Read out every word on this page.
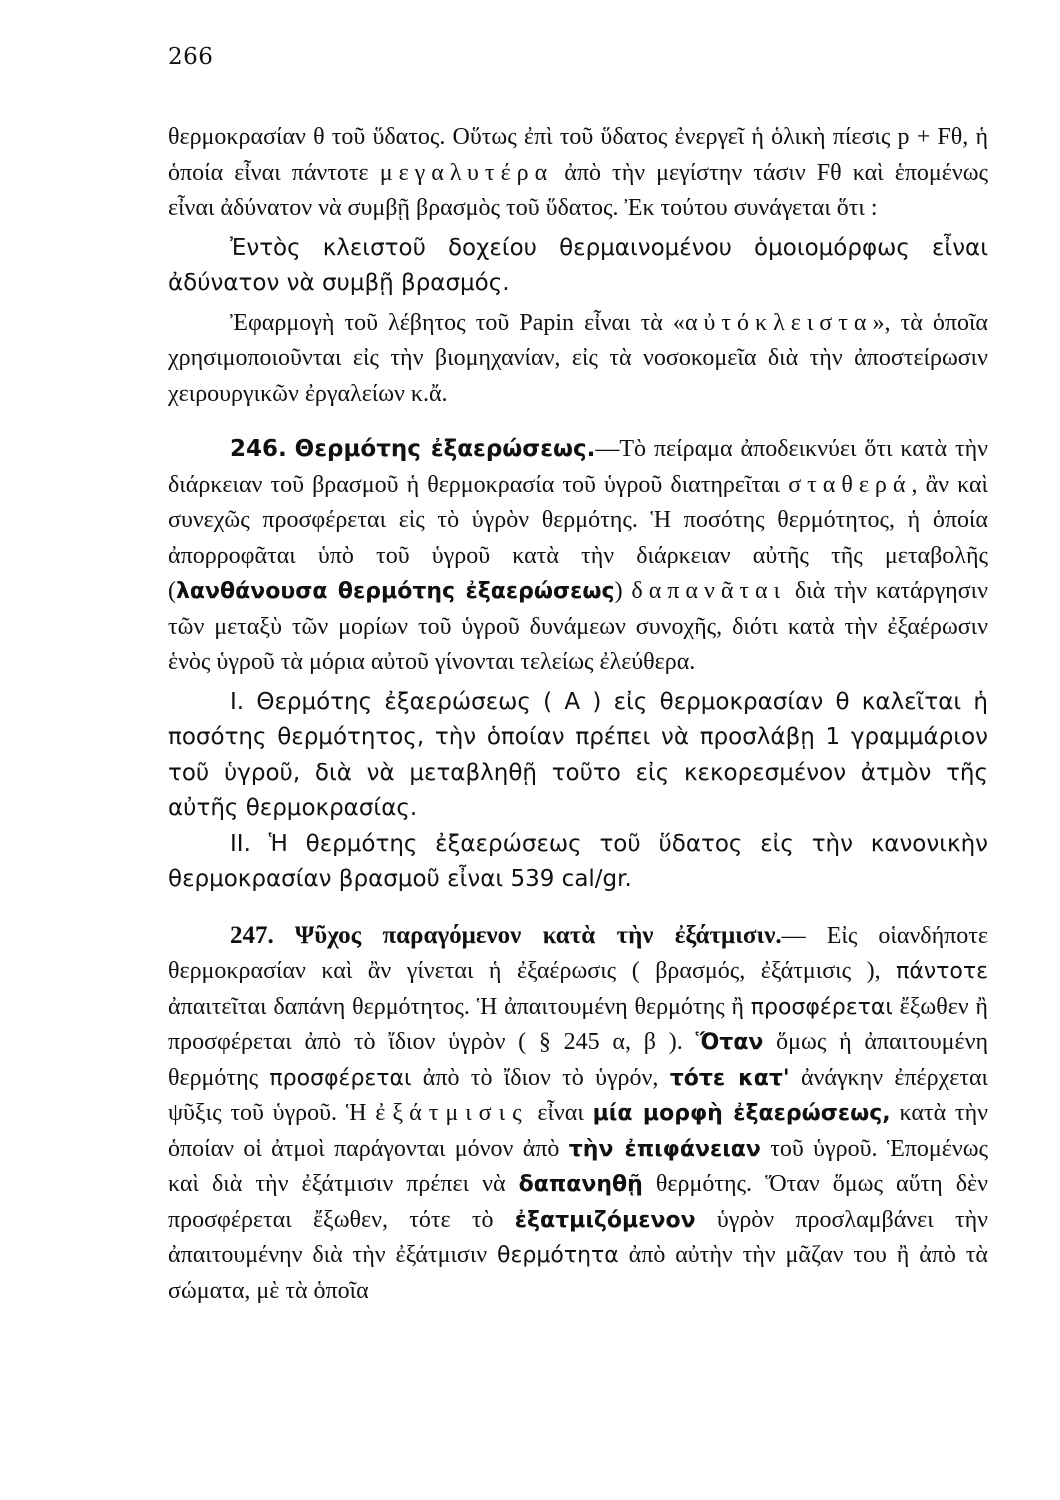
266

θερμοκρασίαν θ τοῦ ὕδατος. Οὕτως ἐπὶ τοῦ ὕδατος ἐνεργεῖ ἡ ὁλικὴ πίεσις p + Fθ, ἡ ὁποία εἶναι πάντοτε μεγαλυτέρα ἀπὸ τὴν μεγίστην τάσιν Fθ καὶ ἑπομένως εἶναι ἀδύνατον νὰ συμβῇ βρασμὸς τοῦ ὕδατος. Ἐκ τούτου συνάγεται ὅτι :

Ἐντὸς κλειστοῦ δοχείου θερμαινομένου ὁμοιομόρφως εἶναι ἀδύνατον νὰ συμβῇ βρασμός.

Ἐφαρμογὴ τοῦ λέβητος τοῦ Papin εἶναι τὰ «αὐτόκλειστα», τὰ ὁποῖα χρησιμοποιοῦνται εἰς τὴν βιομηχανίαν, εἰς τὰ νοσοκομεῖα διὰ τὴν ἀποστείρωσιν χειρουργικῶν ἐργαλείων κ.ἄ.

246. Θερμότης ἐξαερώσεως.—Τὸ πείραμα ἀποδεικνύει ὅτι κατὰ τὴν διάρκειαν τοῦ βρασμοῦ ἡ θερμοκρασία τοῦ ὑγροῦ διατηρεῖται σταθερά, ἂν καὶ συνεχῶς προσφέρεται εἰς τὸ ὑγρὸν θερμότης. Ἡ ποσότης θερμότητος, ἡ ὁποία ἀπορροφᾶται ὑπὸ τοῦ ὑγροῦ κατὰ τὴν διάρκειαν αὐτῆς τῆς μεταβολῆς (λανθάνουσα θερμότης ἐξαερώσεως) δαπανᾶται διὰ τὴν κατάργησιν τῶν μεταξὺ τῶν μορίων τοῦ ὑγροῦ δυνάμεων συνοχῆς, διότι κατὰ τὴν ἐξαέρωσιν ἑνὸς ὑγροῦ τὰ μόρια αὐτοῦ γίνονται τελείως ἐλεύθερα.

I. Θερμότης ἐξαερώσεως ( Α ) εἰς θερμοκρασίαν θ καλεῖται ἡ ποσότης θερμότητος, τὴν ὁποίαν πρέπει νὰ προσλάβῃ 1 γραμμάριον τοῦ ὑγροῦ, διὰ νὰ μεταβληθῇ τοῦτο εἰς κεκορεσμένον ἀτμὸν τῆς αὐτῆς θερμοκρασίας.

II. Ἡ θερμότης ἐξαερώσεως τοῦ ὕδατος εἰς τὴν κανονικὴν θερμοκρασίαν βρασμοῦ εἶναι 539 cal/gr.

247. Ψῦχος παραγόμενον κατὰ τὴν ἐξάτμισιν.— Εἰς οἱανδήποτε θερμοκρασίαν καὶ ἂν γίνεται ἡ ἐξαέρωσις ( βρασμός, ἐξάτμισις ), πάντοτε ἀπαιτεῖται δαπάνη θερμότητος. Ἡ ἀπαιτουμένη θερμότης ἢ προσφέρεται ἔξωθεν ἢ προσφέρεται ἀπὸ τὸ ἴδιον ὑγρὸν ( § 245 α, β ). Ὅταν ὅμως ἡ ἀπαιτουμένη θερμότης προσφέρεται ἀπὸ τὸ ἴδιον τὸ ὑγρόν, τότε κατ' ἀνάγκην ἐπέρχεται ψῦξις τοῦ ὑγροῦ. Ἡ ἐξάτμισις εἶναι μία μορφὴ ἐξαερώσεως, κατὰ τὴν ὁποίαν οἱ ἀτμοὶ παράγονται μόνον ἀπὸ τὴν ἐπιφάνειαν τοῦ ὑγροῦ. Ἑπομένως καὶ διὰ τὴν ἐξάτμισιν πρέπει νὰ δαπανηθῇ θερμότης. Ὅταν ὅμως αὕτη δὲν προσφέρεται ἔξωθεν, τότε τὸ ἐξατμιζόμενον ὑγρὸν προσλαμβάνει τὴν ἀπαιτουμένην διὰ τὴν ἐξάτμισιν θερμότητα ἀπὸ αὐτὴν τὴν μᾶζαν του ἢ ἀπὸ τὰ σώματα, μὲ τὰ ὁποῖα
